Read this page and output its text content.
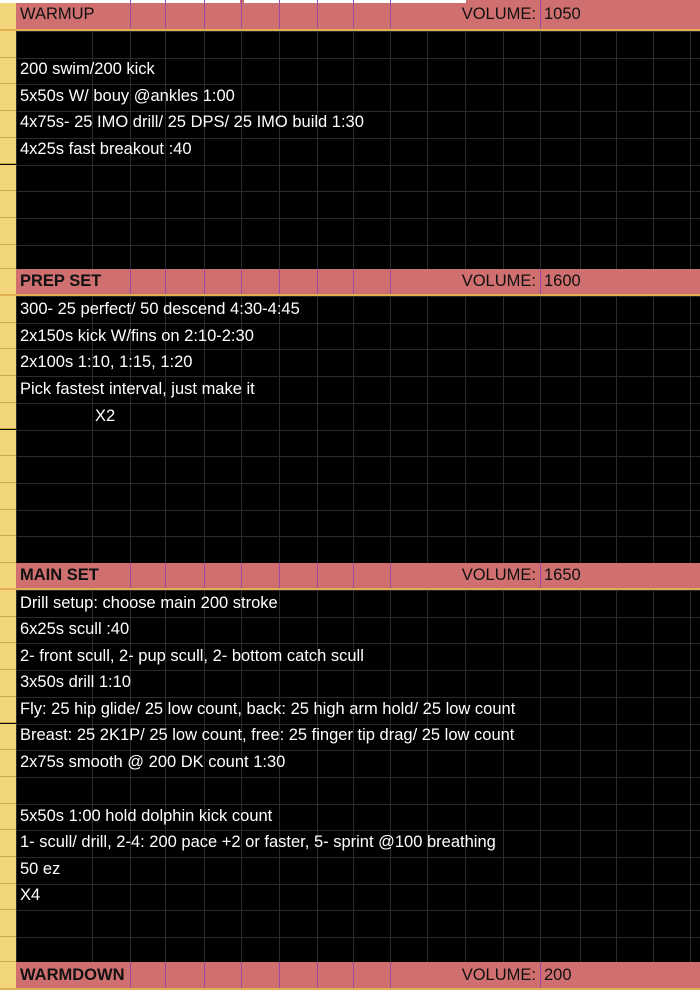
WARMUP	VOLUME: 1050
200 swim/200 kick
5x50s W/ bouy @ankles 1:00
4x75s- 25 IMO drill/ 25 DPS/ 25 IMO build 1:30
4x25s fast breakout :40
PREP SET	VOLUME: 1600
300- 25 perfect/ 50 descend 4:30-4:45
2x150s kick W/fins on 2:10-2:30
2x100s 1:10, 1:15, 1:20
Pick fastest interval, just make it
X2
MAIN SET	VOLUME: 1650
Drill setup: choose main 200 stroke
6x25s scull :40
2- front scull, 2- pup scull, 2- bottom catch scull
3x50s drill 1:10
Fly: 25 hip glide/ 25 low count, back: 25 high arm hold/ 25 low count
Breast: 25 2K1P/ 25 low count, free: 25 finger tip drag/ 25 low count
2x75s smooth @ 200 DK count 1:30
5x50s 1:00 hold dolphin kick count
1- scull/ drill, 2-4: 200 pace +2 or faster, 5- sprint @100 breathing
50 ez
X4
WARMDOWN	VOLUME: 200
